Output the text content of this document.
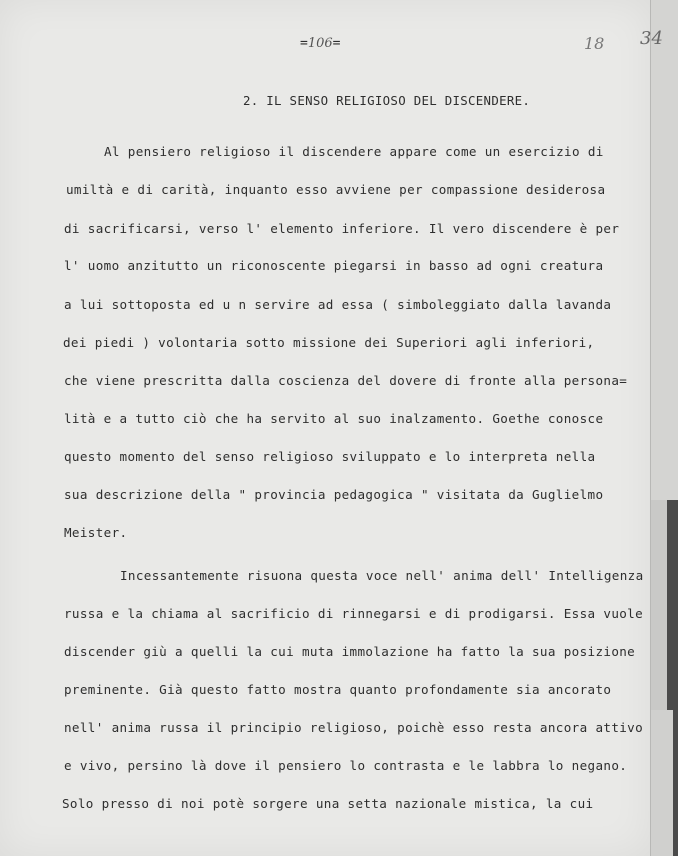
=106=	18 34
2. IL SENSO RELIGIOSO DEL DISCENDERE.
Al pensiero religioso il discendere appare come un esercizio di
umiltà e di carità, inquanto esso avviene per compassione desiderosa
di sacrificarsi, verso l' elemento inferiore. Il vero discendere è per
l' uomo anzitutto un riconoscente piegarsi in basso ad ogni creatura
a lui sottoposta ed u n servire ad essa ( simboleggiato dalla lavanda
dei piedi ) volontaria sotto missione dei Superiori agli inferiori,
che viene prescritta dalla coscienza del dovere di fronte alla persona=
lità e a tutto ciò che ha servito al suo inalzamento. Goethe conosce
questo momento del senso religioso sviluppato e lo interpreta nella
sua descrizione della " provincia pedagogica " visitata da Guglielmo
Meister.
Incessantemente risuona questa voce nell' anima dell' Intelligenza
russa e la chiama al sacrificio di rinnegarsi e di prodigarsi. Essa vuole
discender giù a quelli la cui muta immolazione ha fatto la sua posizione
preminente. Già questo fatto mostra quanto profondamente sia ancorato
nell' anima russa il principio religioso, poichè esso resta ancora attivo
e vivo, persino là dove il pensiero lo contrasta e le labbra lo negano.
Solo presso di noi potè sorgere una setta nazionale mistica, la cui
